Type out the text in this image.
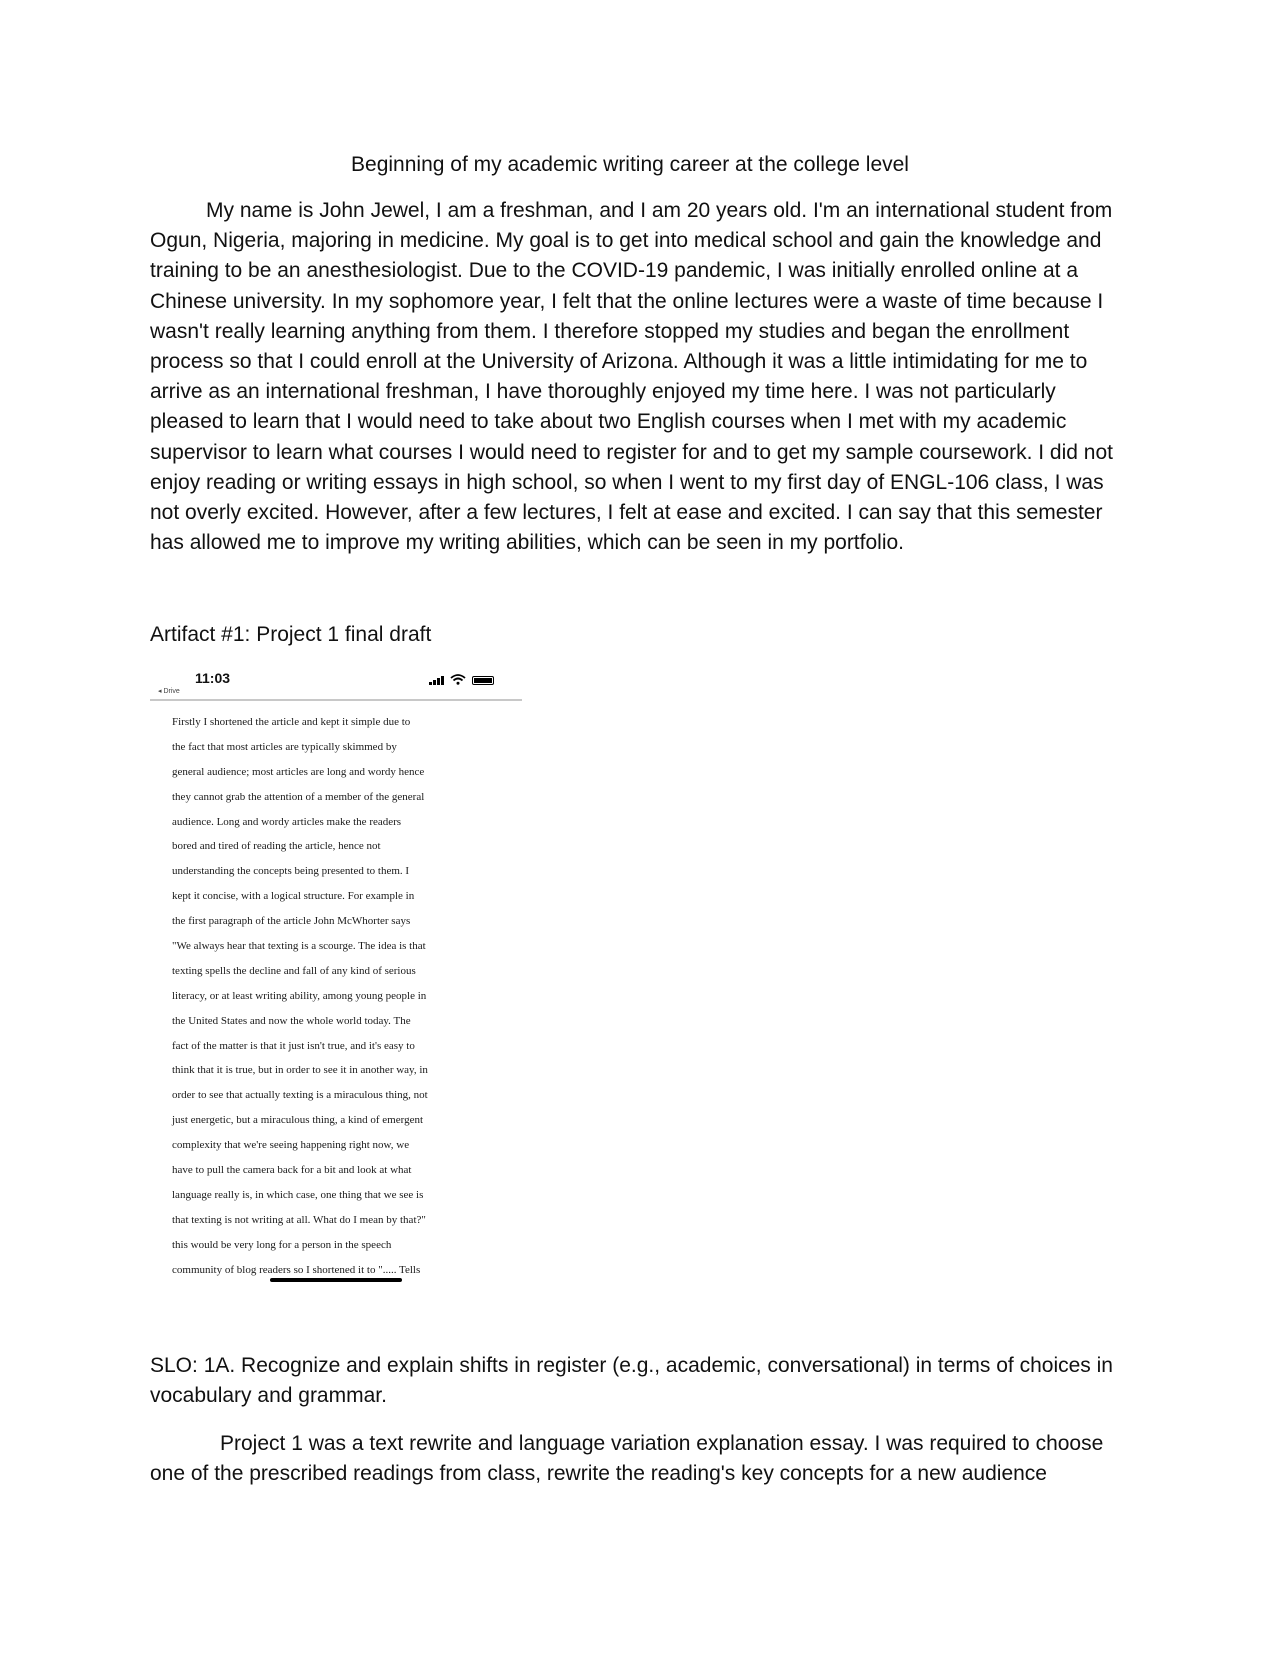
Beginning of my academic writing career at the college level

My name is John Jewel, I am a freshman, and I am 20 years old. I'm an international student from Ogun, Nigeria, majoring in medicine. My goal is to get into medical school and gain the knowledge and training to be an anesthesiologist. Due to the COVID-19 pandemic, I was initially enrolled online at a Chinese university. In my sophomore year, I felt that the online lectures were a waste of time because I wasn't really learning anything from them. I therefore stopped my studies and began the enrollment process so that I could enroll at the University of Arizona. Although it was a little intimidating for me to arrive as an international freshman, I have thoroughly enjoyed my time here. I was not particularly pleased to learn that I would need to take about two English courses when I met with my academic supervisor to learn what courses I would need to register for and to get my sample coursework. I did not enjoy reading or writing essays in high school, so when I went to my first day of ENGL-106 class, I was not overly excited. However, after a few lectures, I felt at ease and excited. I can say that this semester has allowed me to improve my writing abilities, which can be seen in my portfolio.

Artifact #1: Project 1 final draft
11:03
◂ Drive
Firstly I shortened the article and kept it simple due to
the fact that most articles are typically skimmed by
general audience; most articles are long and wordy hence
they cannot grab the attention of a member of the general
audience. Long and wordy articles make the readers
bored and tired of reading the article, hence not
understanding the concepts being presented to them. I
kept it concise, with a logical structure. For example in
the first paragraph of the article John McWhorter says
"We always hear that texting is a scourge. The idea is that
texting spells the decline and fall of any kind of serious
literacy, or at least writing ability, among young people in
the United States and now the whole world today. The
fact of the matter is that it just isn't true, and it's easy to
think that it is true, but in order to see it in another way, in
order to see that actually texting is a miraculous thing, not
just energetic, but a miraculous thing, a kind of emergent
complexity that we're seeing happening right now, we
have to pull the camera back for a bit and look at what
language really is, in which case, one thing that we see is
that texting is not writing at all. What do I mean by that?"
this would be very long for a person in the speech
community of blog readers so I shortened it to "..... Tells

SLO: 1A. Recognize and explain shifts in register (e.g., academic, conversational) in terms of choices in vocabulary and grammar.

Project 1 was a text rewrite and language variation explanation essay. I was required to choose one of the prescribed readings from class, rewrite the reading's key concepts for a new audience
